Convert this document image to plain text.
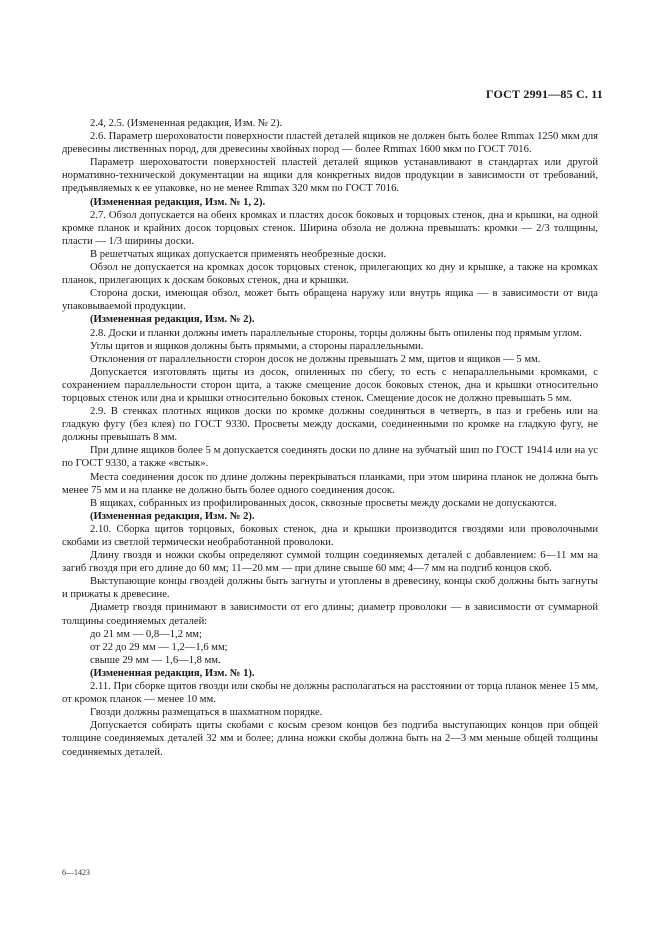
ГОСТ 2991—85 С. 11

2.4, 2.5. (Измененная редакция, Изм. № 2).

2.6. Параметр шероховатости поверхности пластей деталей ящиков не должен быть более Rmmax 1250 мкм для древесины лиственных пород, для древесины хвойных пород — более Rmmax 1600 мкм по ГОСТ 7016.

Параметр шероховатости поверхностей пластей деталей ящиков устанавливают в стандартах или другой нормативно-технической документации на ящики для конкретных видов продукции в зависимости от требований, предъявляемых к ее упаковке, но не менее Rmmax 320 мкм по ГОСТ 7016.

(Измененная редакция, Изм. № 1, 2).

2.7. Обзол допускается на обеих кромках и пластях досок боковых и торцовых стенок, дна и крышки, на одной кромке планок и крайних досок торцовых стенок. Ширина обзола не должна превышать: кромки — 2/3 толщины, пласти — 1/3 ширины доски.

В решетчатых ящиках допускается применять необрезные доски.

Обзол не допускается на кромках досок торцовых стенок, прилегающих ко дну и крышке, а также на кромках планок, прилегающих к доскам боковых стенок, дна и крышки.

Сторона доски, имеющая обзол, может быть обращена наружу или внутрь ящика — в зависимости от вида упаковываемой продукции.

(Измененная редакция, Изм. № 2).

2.8. Доски и планки должны иметь параллельные стороны, торцы должны быть опилены под прямым углом.

Углы щитов и ящиков должны быть прямыми, а стороны параллельными.

Отклонения от параллельности сторон досок не должны превышать 2 мм, щитов и ящиков — 5 мм.

Допускается изготовлять щиты из досок, опиленных по сбегу, то есть с непараллельными кромками, с сохранением параллельности сторон щита, а также смещение досок боковых стенок, дна и крышки относительно торцовых стенок или дна и крышки относительно боковых стенок. Смещение досок не должно превышать 5 мм.

2.9. В стенках плотных ящиков доски по кромке должны соединяться в четверть, в паз и гребень или на гладкую фугу (без клея) по ГОСТ 9330. Просветы между досками, соединенными по кромке на гладкую фугу, не должны превышать 8 мм.

При длине ящиков более 5 м допускается соединять доски по длине на зубчатый шип по ГОСТ 19414 или на ус по ГОСТ 9330, а также «встык».

Места соединения досок по длине должны перекрываться планками, при этом ширина планок не должна быть менее 75 мм и на планке не должно быть более одного соединения досок.

В ящиках, собранных из профилированных досок, сквозные просветы между досками не допускаются.

(Измененная редакция, Изм. № 2).

2.10. Сборка щитов торцовых, боковых стенок, дна и крышки производится гвоздями или проволочными скобами из светлой термически необработанной проволоки.

Длину гвоздя и ножки скобы определяют суммой толщин соединяемых деталей с добавлением: 6—11 мм на загиб гвоздя при его длине до 60 мм; 11—20 мм — при длине свыше 60 мм; 4—7 мм на подгиб концов скоб.

Выступающие концы гвоздей должны быть загнуты и утоплены в древесину, концы скоб должны быть загнуты и прижаты к древесине.

Диаметр гвоздя принимают в зависимости от его длины; диаметр проволоки — в зависимости от суммарной толщины соединяемых деталей:

до 21 мм — 0,8—1,2 мм;

от 22 до 29 мм — 1,2—1,6 мм;

свыше 29 мм — 1,6—1,8 мм.

(Измененная редакция, Изм. № 1).

2.11. При сборке щитов гвозди или скобы не должны располагаться на расстоянии от торца планок менее 15 мм, от кромок планок — менее 10 мм.

Гвозди должны размещаться в шахматном порядке.

Допускается собирать щиты скобами с косым срезом концов без подгиба выступающих концов при общей толщине соединяемых деталей 32 мм и более; длина ножки скобы должна быть на 2—3 мм меньше общей толщины соединяемых деталей.

6—1423
